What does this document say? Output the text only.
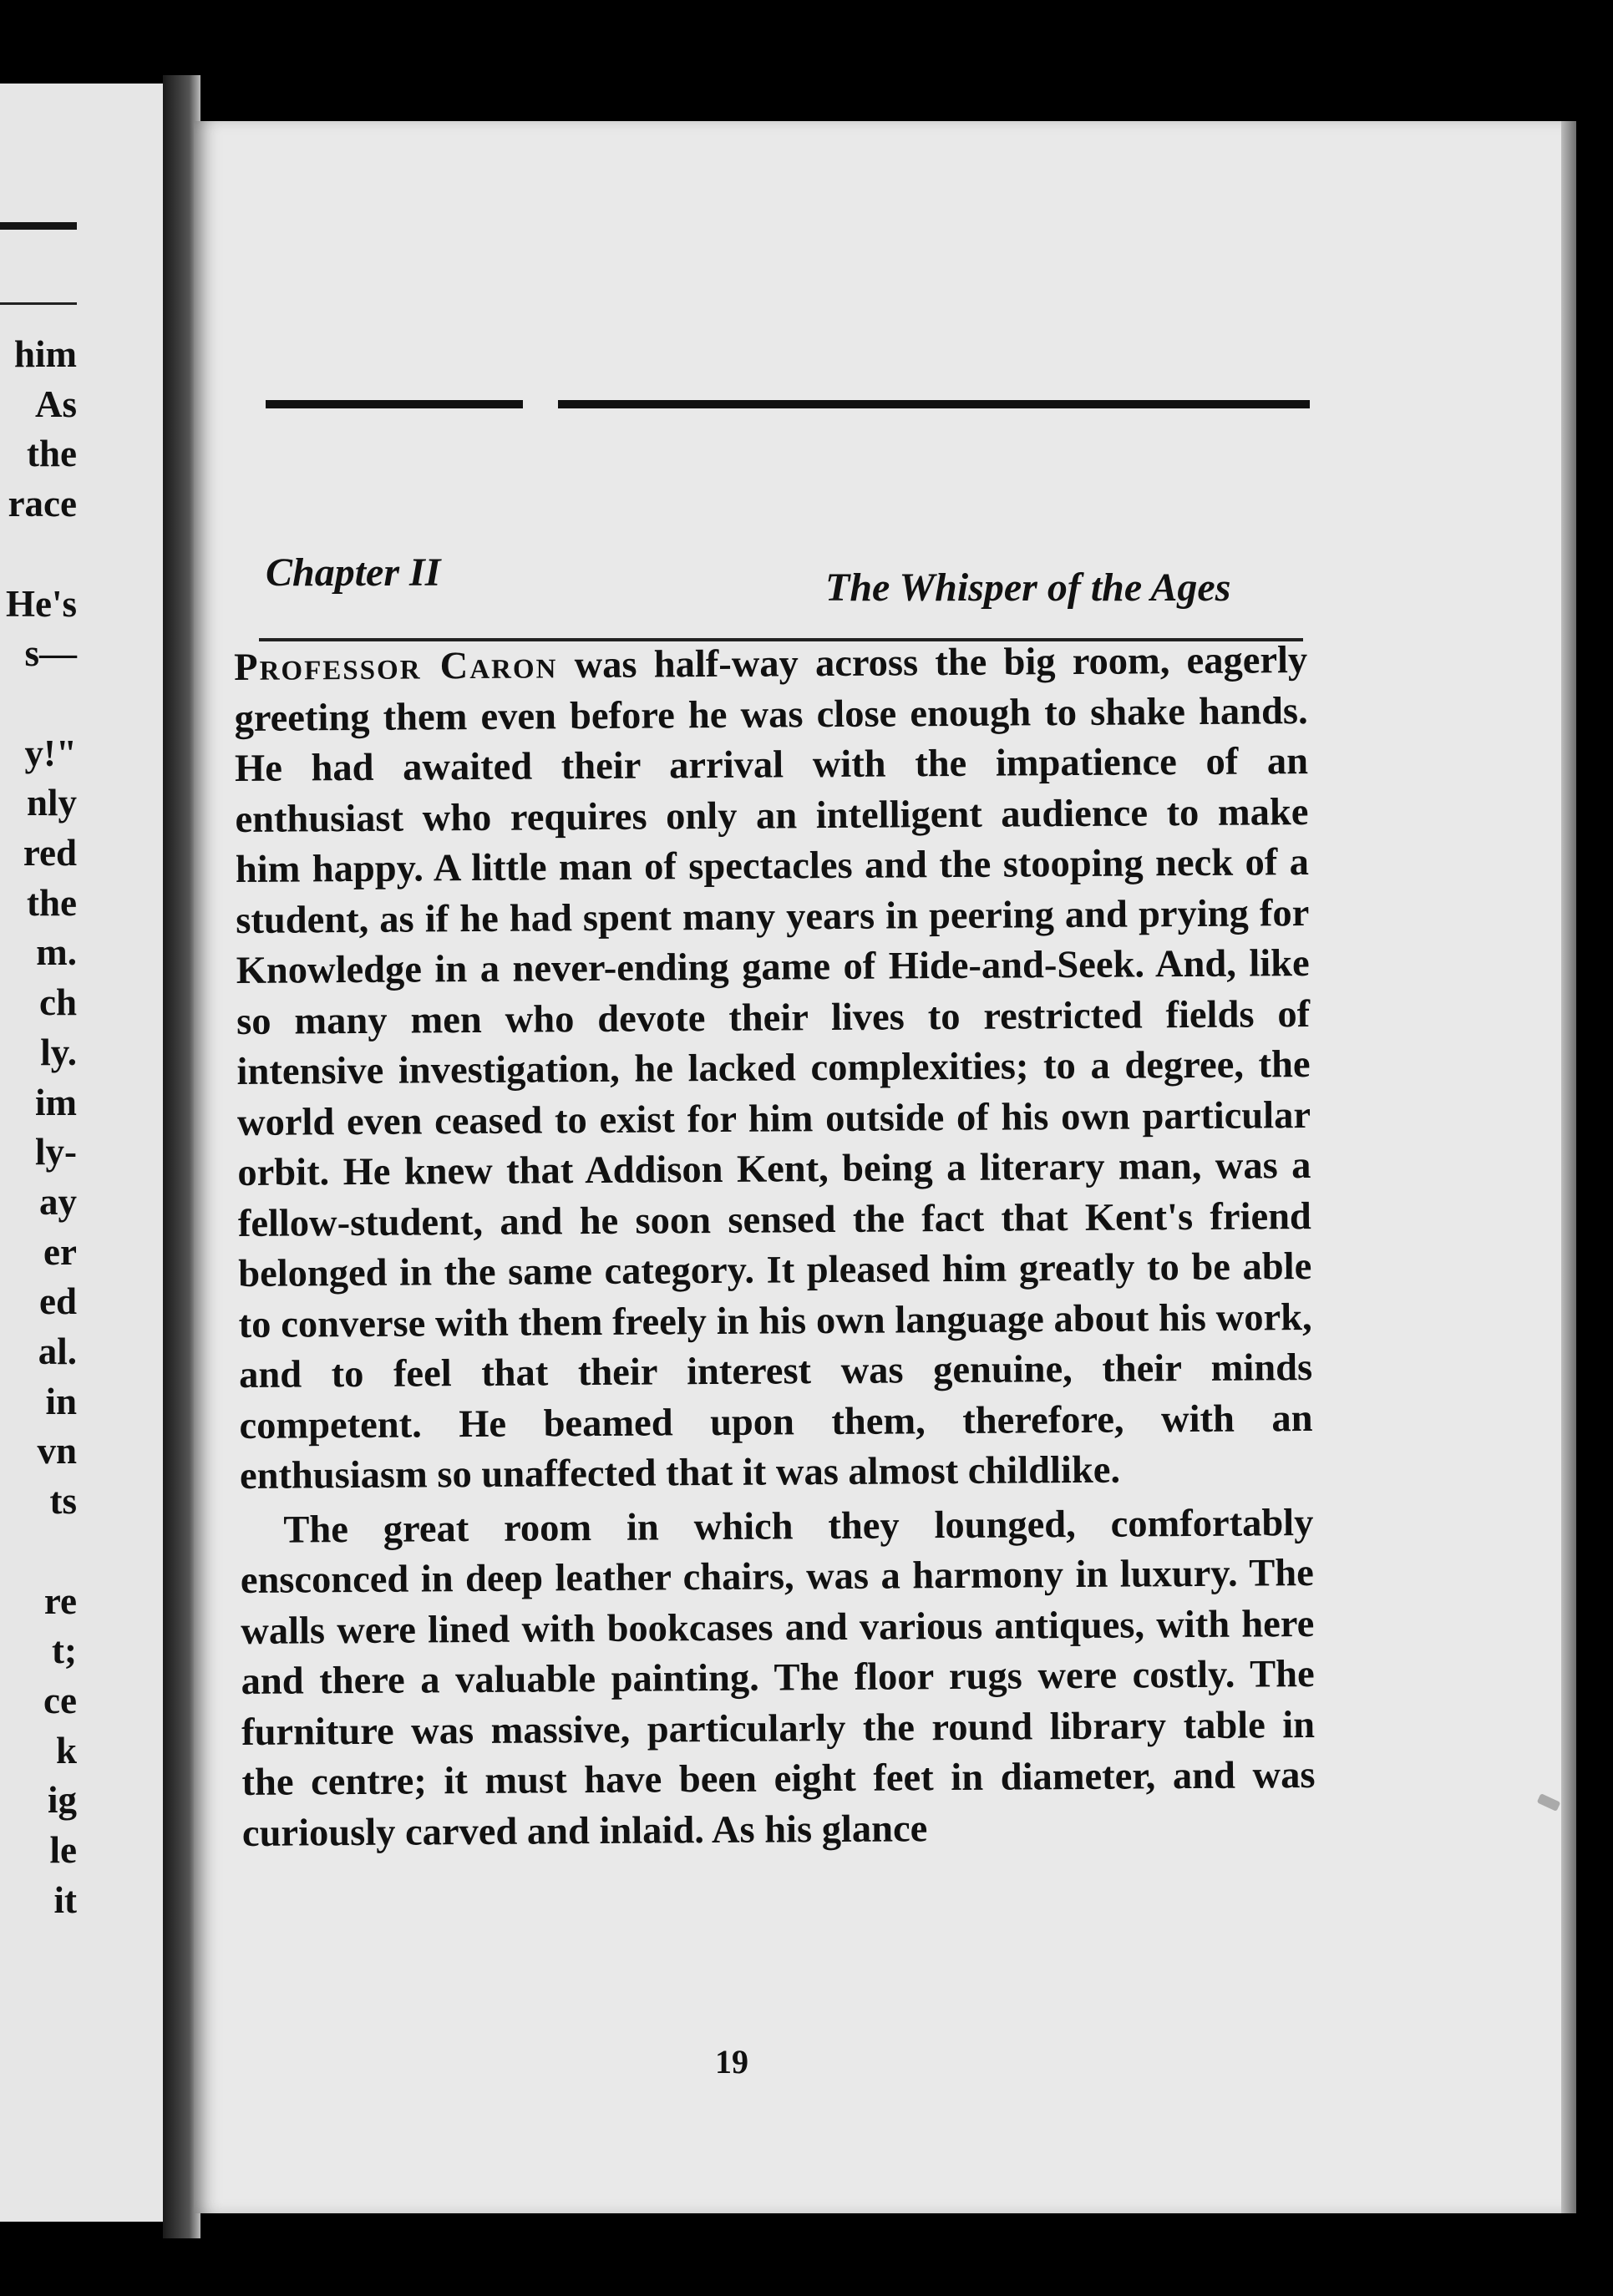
him
As
the
race
He's
s—
y!"
nly
red
the
m.
ch
ly.
im
ly-
ay
er
ed
al.
in
vn
ts
re
t;
ce
k
ig
le
it
Chapter II	The Whisper of the Ages

Professor Caron was half-way across the big room, eagerly greeting them even before he was close enough to shake hands. He had awaited their arrival with the impatience of an enthusiast who requires only an intelligent audience to make him happy. A little man of spectacles and the stooping neck of a student, as if he had spent many years in peering and prying for Knowledge in a never-ending game of Hide-and-Seek. And, like so many men who devote their lives to restricted fields of intensive investigation, he lacked complexities; to a degree, the world even ceased to exist for him outside of his own particular orbit. He knew that Addison Kent, being a literary man, was a fellow-student, and he soon sensed the fact that Kent's friend belonged in the same category. It pleased him greatly to be able to converse with them freely in his own language about his work, and to feel that their interest was genuine, their minds competent. He beamed upon them, therefore, with an enthusiasm so unaffected that it was almost childlike.

The great room in which they lounged, comfortably ensconced in deep leather chairs, was a harmony in luxury. The walls were lined with bookcases and various antiques, with here and there a valuable painting. The floor rugs were costly. The furniture was massive, particularly the round library table in the centre; it must have been eight feet in diameter, and was curiously carved and inlaid. As his glance

19
